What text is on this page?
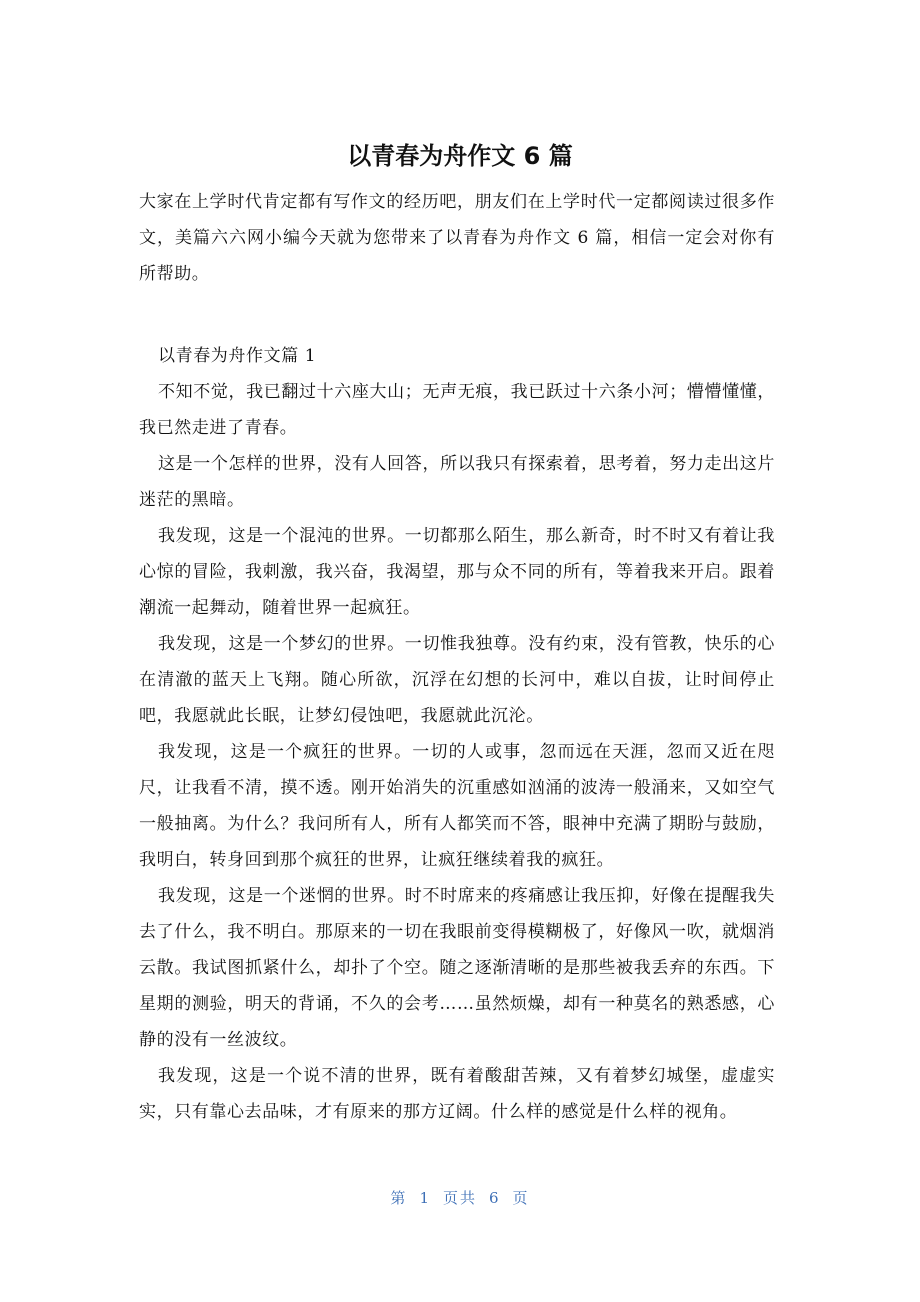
以青春为舟作文 6 篇

大家在上学时代肯定都有写作文的经历吧，朋友们在上学时代一定都阅读过很多作文，美篇六六网小编今天就为您带来了以青春为舟作文 6 篇，相信一定会对你有所帮助。

以青春为舟作文篇 1

不知不觉，我已翻过十六座大山；无声无痕，我已跃过十六条小河；懵懵懂懂，我已然走进了青春。

这是一个怎样的世界，没有人回答，所以我只有探索着，思考着，努力走出这片迷茫的黑暗。

我发现，这是一个混沌的世界。一切都那么陌生，那么新奇，时不时又有着让我心惊的冒险，我刺激，我兴奋，我渴望，那与众不同的所有，等着我来开启。跟着潮流一起舞动，随着世界一起疯狂。

我发现，这是一个梦幻的世界。一切惟我独尊。没有约束，没有管教，快乐的心在清澈的蓝天上飞翔。随心所欲，沉浮在幻想的长河中，难以自拔，让时间停止吧，我愿就此长眠，让梦幻侵蚀吧，我愿就此沉沦。

我发现，这是一个疯狂的世界。一切的人或事，忽而远在天涯，忽而又近在咫尺，让我看不清，摸不透。刚开始消失的沉重感如汹涌的波涛一般涌来，又如空气一般抽离。为什么？我问所有人，所有人都笑而不答，眼神中充满了期盼与鼓励，我明白，转身回到那个疯狂的世界，让疯狂继续着我的疯狂。

我发现，这是一个迷惘的世界。时不时席来的疼痛感让我压抑，好像在提醒我失去了什么，我不明白。那原来的一切在我眼前变得模糊极了，好像风一吹，就烟消云散。我试图抓紧什么，却扑了个空。随之逐渐清晰的是那些被我丢弃的东西。下星期的测验，明天的背诵，不久的会考……虽然烦燥，却有一种莫名的熟悉感，心静的没有一丝波纹。

我发现，这是一个说不清的世界，既有着酸甜苦辣，又有着梦幻城堡，虚虚实实，只有靠心去品味，才有原来的那方辽阔。什么样的感觉是什么样的视角。

第 1 页共 6 页
